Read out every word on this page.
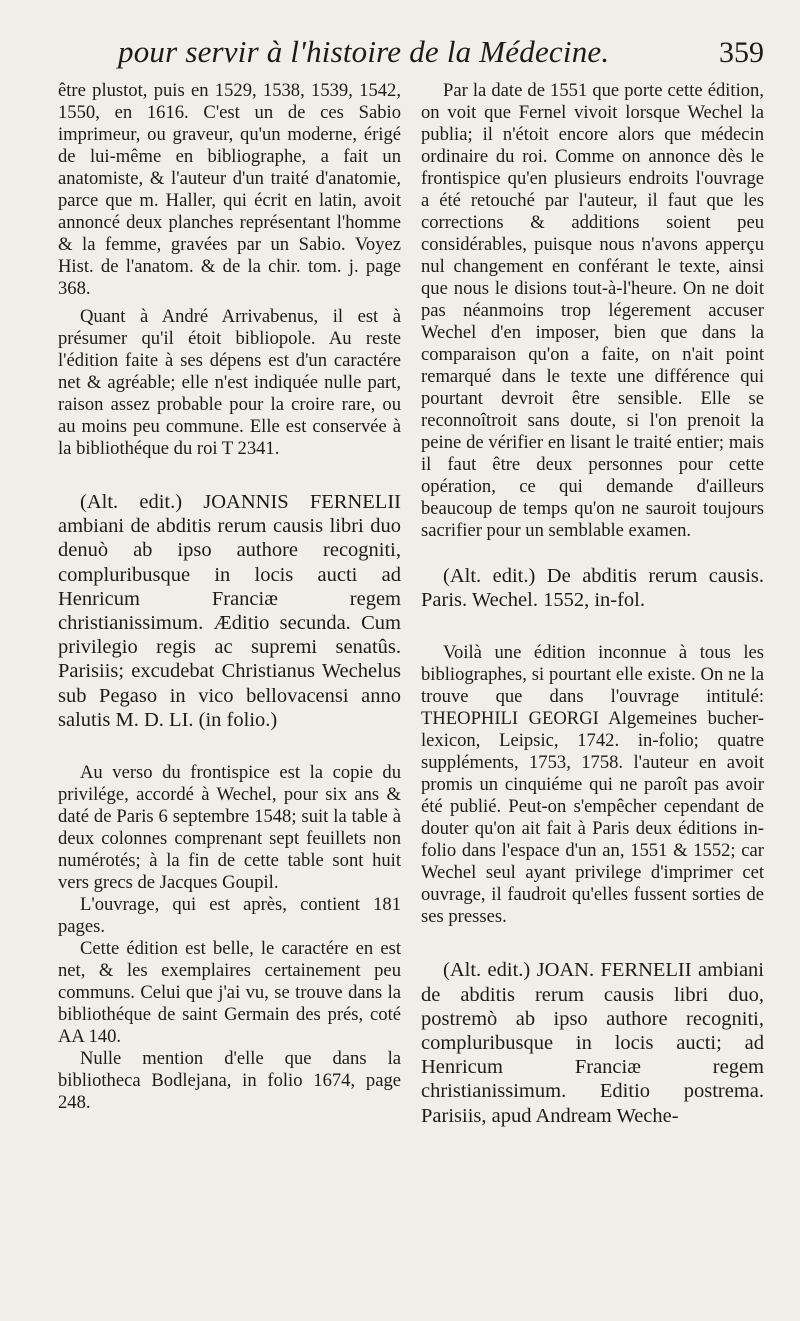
pour servir à l'histoire de la Médecine.	359

être plustot, puis en 1529, 1538, 1539, 1542, 1550, en 1616. C'est un de ces Sabio imprimeur, ou graveur, qu'un moderne, érigé de lui-même en bibliographe, a fait un anatomiste, & l'auteur d'un traité d'anatomie, parce que m. Haller, qui écrit en latin, avoit annoncé deux planches représentant l'homme & la femme, gravées par un Sabio. Voyez Hist. de l'anatom. & de la chir. tom. j. page 368.

Quant à André Arrivabenus, il est à présumer qu'il étoit bibliopole. Au reste l'édition faite à ses dépens est d'un caractére net & agréable; elle n'est indiquée nulle part, raison assez probable pour la croire rare, ou au moins peu commune. Elle est conservée à la bibliothéque du roi T 2341.

(Alt. edit.) JOANNIS FERNELII ambiani de abditis rerum causis libri duo denuò ab ipso authore recogniti, compluribusque in locis aucti ad Henricum Franciæ regem christianissimum. Æditio secunda. Cum privilegio regis ac supremi senatûs. Parisiis; excudebat Christianus Wechelus sub Pegaso in vico bellovacensi anno salutis M. D. LI. (in folio.)

Au verso du frontispice est la copie du privilége, accordé à Wechel, pour six ans & daté de Paris 6 septembre 1548; suit la table à deux colonnes comprenant sept feuillets non numérotés; à la fin de cette table sont huit vers grecs de Jacques Goupil.

L'ouvrage, qui est après, contient 181 pages.

Cette édition est belle, le caractére en est net, & les exemplaires certainement peu communs. Celui que j'ai vu, se trouve dans la bibliothéque de saint Germain des prés, coté AA 140.

Nulle mention d'elle que dans la bibliotheca Bodlejana, in folio 1674, page 248.

Par la date de 1551 que porte cette édition, on voit que Fernel vivoit lorsque Wechel la publia; il n'étoit encore alors que médecin ordinaire du roi. Comme on annonce dès le frontispice qu'en plusieurs endroits l'ouvrage a été retouché par l'auteur, il faut que les corrections & additions soient peu considérables, puisque nous n'avons apperçu nul changement en conférant le texte, ainsi que nous le disions tout-à-l'heure. On ne doit pas néanmoins trop légerement accuser Wechel d'en imposer, bien que dans la comparaison qu'on a faite, on n'ait point remarqué dans le texte une différence qui pourtant devroit être sensible. Elle se reconnoîtroit sans doute, si l'on prenoit la peine de vérifier en lisant le traité entier; mais il faut être deux personnes pour cette opération, ce qui demande d'ailleurs beaucoup de temps qu'on ne sauroit toujours sacrifier pour un semblable examen.

(Alt. edit.) De abditis rerum causis. Paris. Wechel. 1552, in-fol.

Voilà une édition inconnue à tous les bibliographes, si pourtant elle existe. On ne la trouve que dans l'ouvrage intitulé: THEOPHILI GEORGI Algemeines bucher-lexicon, Leipsic, 1742. in-folio; quatre suppléments, 1753, 1758. l'auteur en avoit promis un cinquiéme qui ne paroît pas avoir été publié. Peut-on s'empêcher cependant de douter qu'on ait fait à Paris deux éditions in-folio dans l'espace d'un an, 1551 & 1552; car Wechel seul ayant privilege d'imprimer cet ouvrage, il faudroit qu'elles fussent sorties de ses presses.

(Alt. edit.) JOAN. FERNELII ambiani de abditis rerum causis libri duo, postremò ab ipso authore recogniti, compluribusque in locis aucti; ad Henricum Franciæ regem christianissimum. Editio postrema. Parisiis, apud Andream Weche-
